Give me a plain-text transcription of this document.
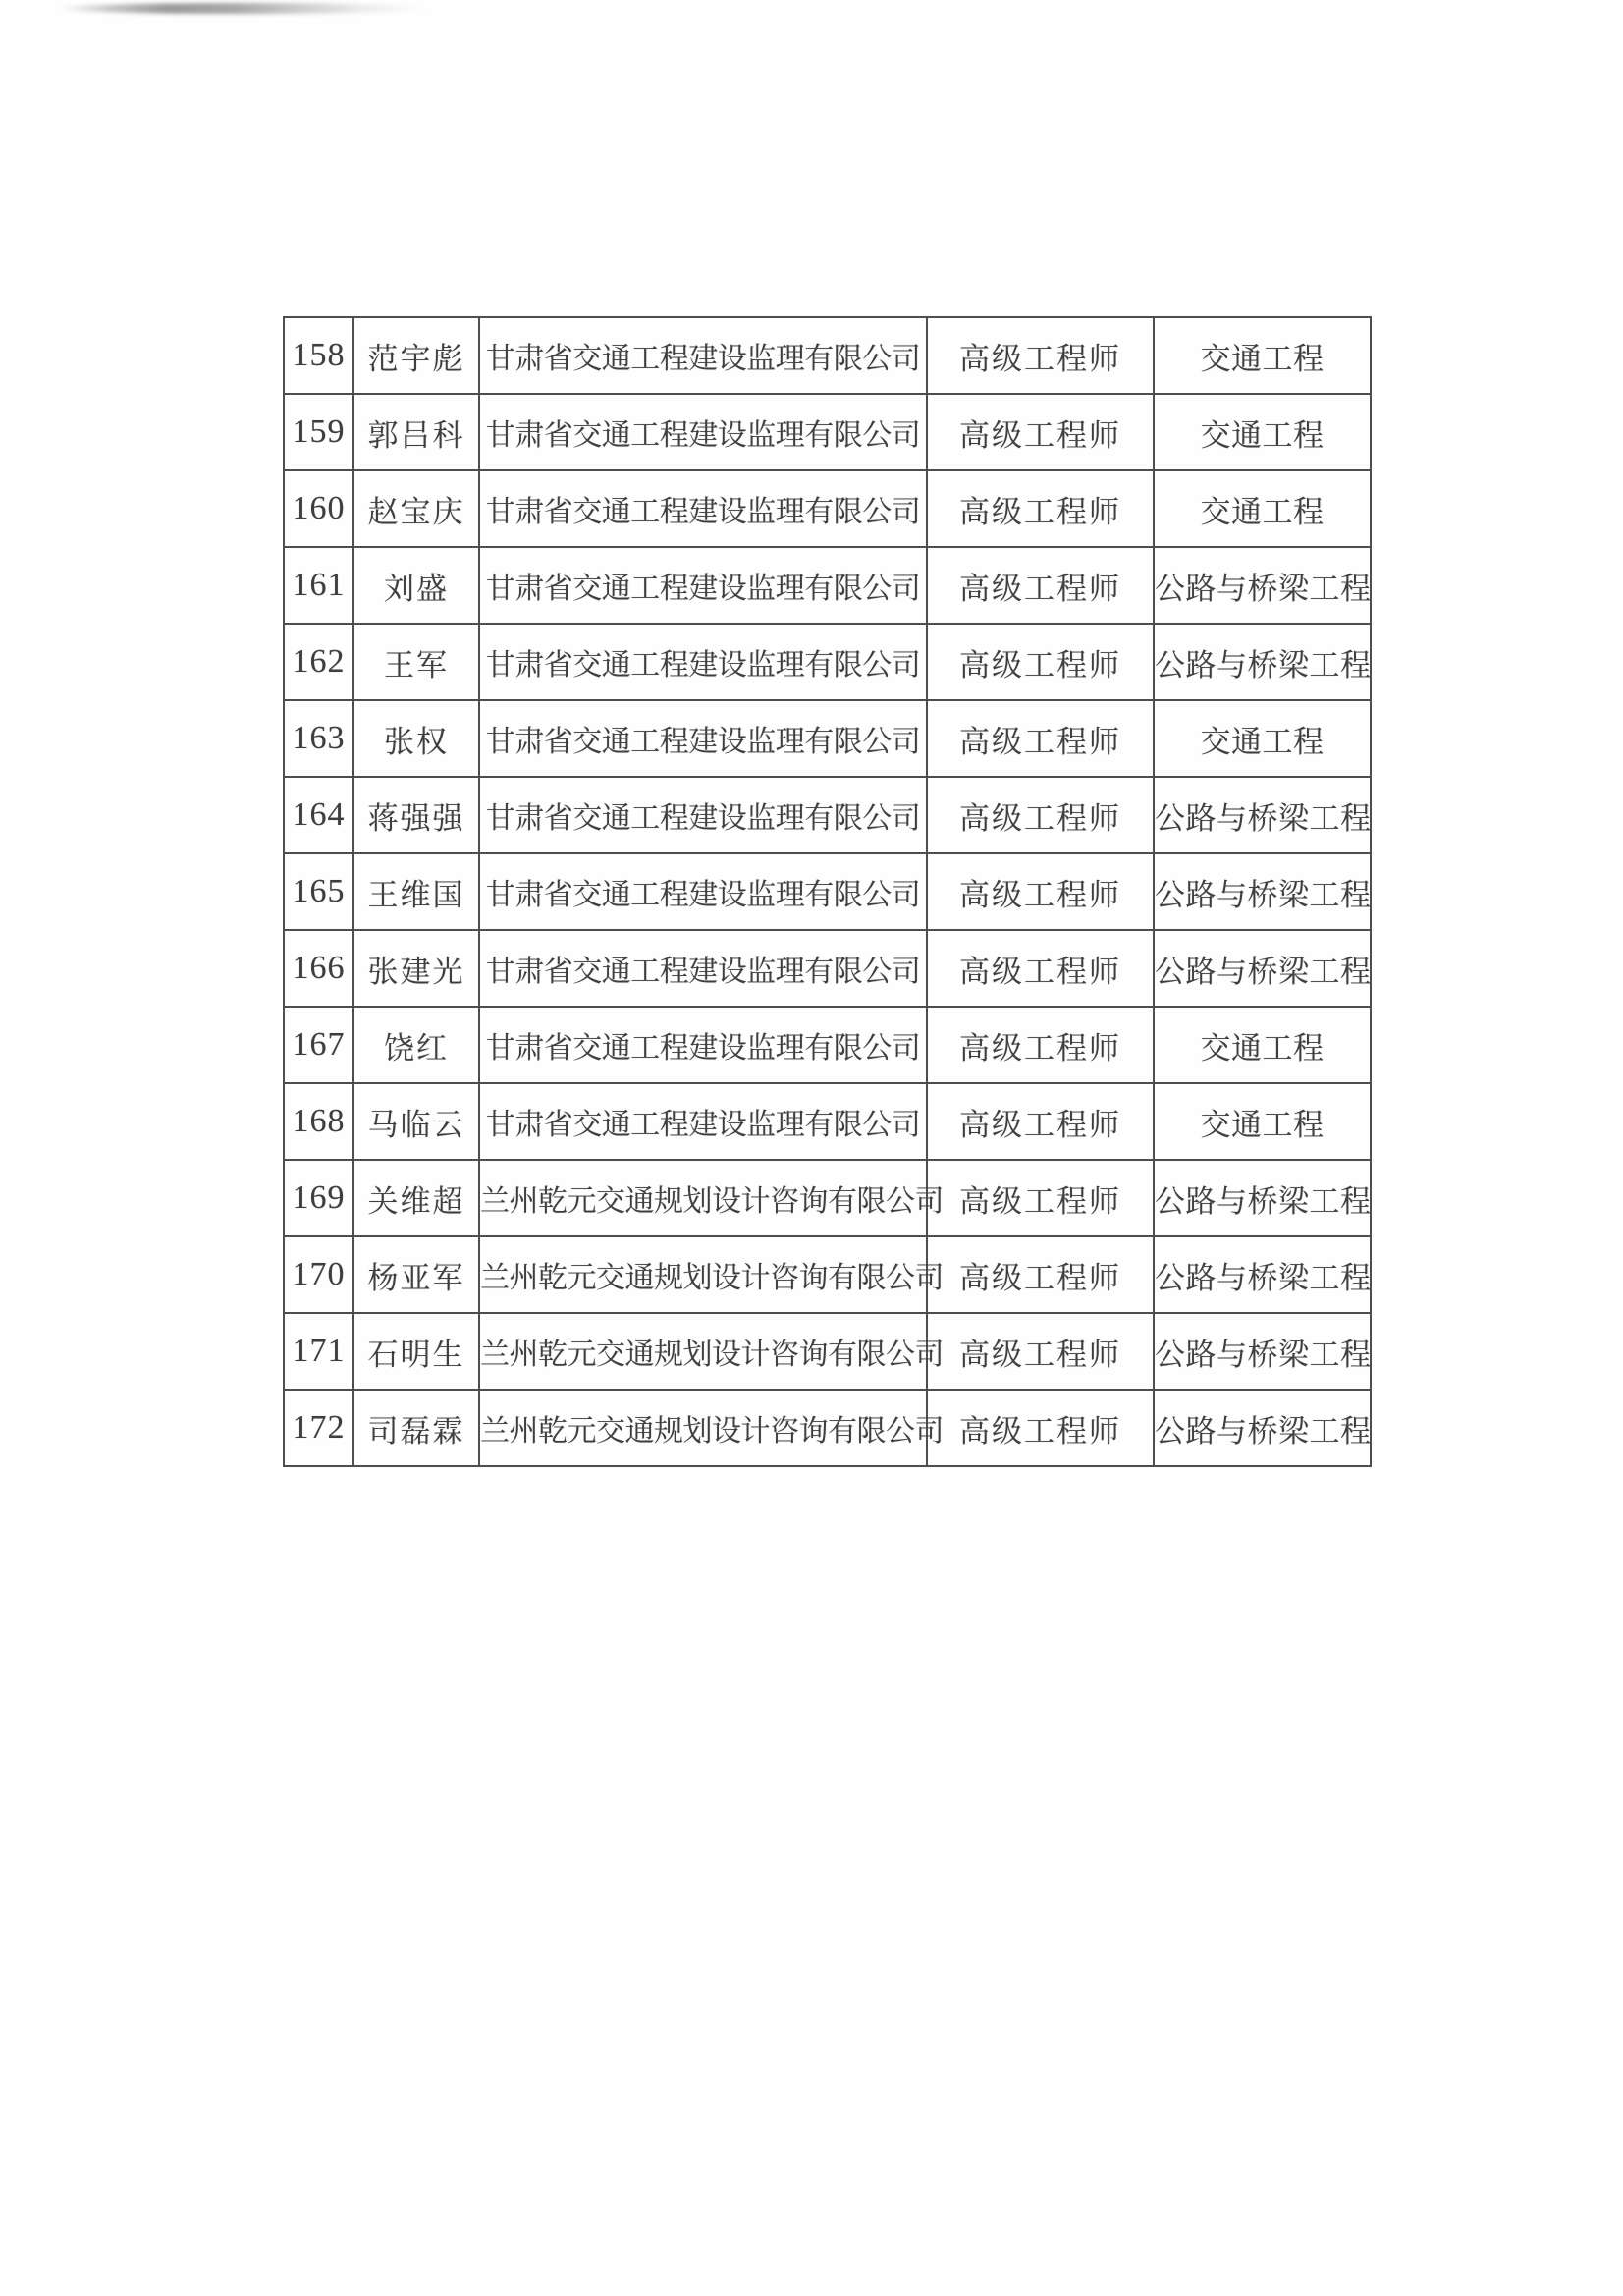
158	范宇彪	甘肃省交通工程建设监理有限公司	高级工程师	交通工程
159	郭吕科	甘肃省交通工程建设监理有限公司	高级工程师	交通工程
160	赵宝庆	甘肃省交通工程建设监理有限公司	高级工程师	交通工程
161	刘盛	甘肃省交通工程建设监理有限公司	高级工程师	公路与桥梁工程
162	王军	甘肃省交通工程建设监理有限公司	高级工程师	公路与桥梁工程
163	张权	甘肃省交通工程建设监理有限公司	高级工程师	交通工程
164	蒋强强	甘肃省交通工程建设监理有限公司	高级工程师	公路与桥梁工程
165	王维国	甘肃省交通工程建设监理有限公司	高级工程师	公路与桥梁工程
166	张建光	甘肃省交通工程建设监理有限公司	高级工程师	公路与桥梁工程
167	饶红	甘肃省交通工程建设监理有限公司	高级工程师	交通工程
168	马临云	甘肃省交通工程建设监理有限公司	高级工程师	交通工程
169	关维超	兰州乾元交通规划设计咨询有限公司	高级工程师	公路与桥梁工程
170	杨亚军	兰州乾元交通规划设计咨询有限公司	高级工程师	公路与桥梁工程
171	石明生	兰州乾元交通规划设计咨询有限公司	高级工程师	公路与桥梁工程
172	司磊霖	兰州乾元交通规划设计咨询有限公司	高级工程师	公路与桥梁工程
